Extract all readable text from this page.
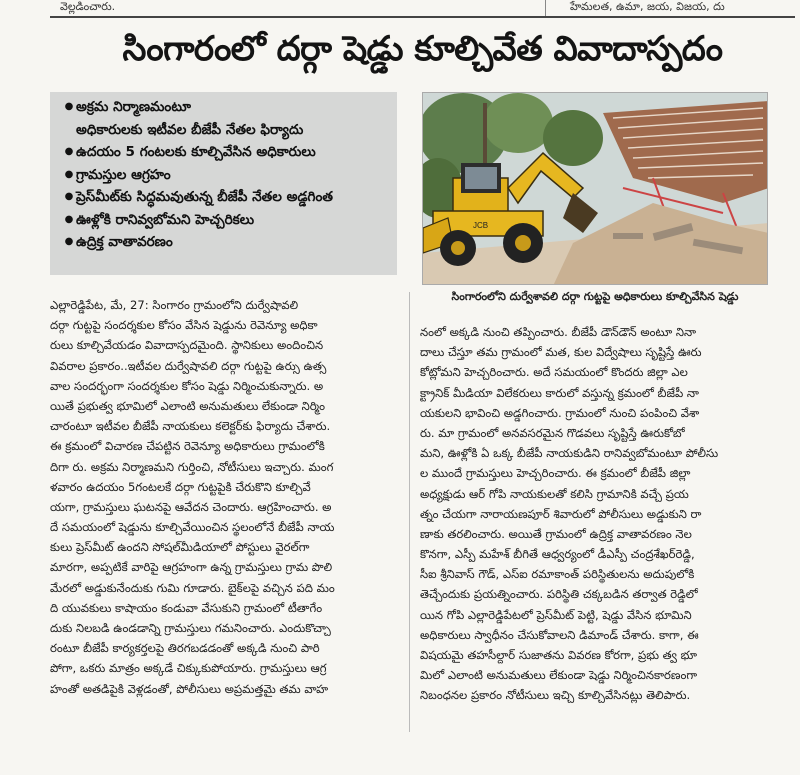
వెల్లడించారు.	హేమలత, ఉమా, జయ, విజయ, దు
సింగారంలో దర్గా షెడ్డు కూల్చివేత వివాదాస్పదం
● అక్రమ నిర్మాణమంటూ
అధికారులకు ఇటీవల బీజేపీ నేతల ఫిర్యాదు
● ఉదయం 5 గంటలకు కూల్చివేసిన అధికారులు
● గ్రామస్తుల ఆగ్రహం
● ప్రెస్‌మీట్‌కు సిద్ధమవుతున్న బీజేపీ నేతల అడ్డగింత
● ఊళ్లోకి రానివ్వబోమని హెచ్చరికలు
● ఉద్రిక్త వాతావరణం
JCB
సింగారంలోని దుర్వేశావలి దర్గా గుట్టపై అధికారులు కూల్చివేసిన షెడ్డు
ఎల్లారెడ్డిపేట, మే, 27: సింగారం గ్రామంలోని దుర్వేషావలి
దర్గా గుట్టపై సందర్శకుల కోసం వేసిన షెడ్డును రెవెన్యూ అధికా
రులు కూల్చివేయడం వివాదాస్పదమైంది. స్థానికులు అందించిన
వివరాల ప్రకారం..ఇటీవల దుర్వేషావలి దర్గా గుట్టపై ఉర్సు ఉత్స
వాల సందర్భంగా సందర్శకుల కోసం షెడ్డు నిర్మించుకున్నారు. అ
యితే ప్రభుత్వ భూమిలో ఎలాంటి అనుమతులు లేకుండా నిర్మిం
చారంటూ ఇటీవల బీజేపీ నాయకులు కలెక్టర్‌కు ఫిర్యాదు చేశారు.
ఈ క్రమంలో విచారణ చేపట్టిన రెవెన్యూ అధికారులు గ్రామంలోకి
దిగా రు. అక్రమ నిర్మాణమని గుర్తించి, నోటీసులు ఇచ్చారు. మంగ
ళవారం ఉదయం 5గంటలకే దర్గా గుట్టపైకి చేరుకొని కూల్చివే
యగా, గ్రామస్తులు ఘటనపై ఆవేదన చెందారు. ఆగ్రహించారు. అ
దే సమయంలో షెడ్డును కూల్చివేయించిన స్థలంలోనే బీజేపీ నాయ
కులు ప్రెస్‌మీట్ ఉందని సోషల్‌మీడియాలో పోస్టులు వైరల్‌గా
మారగా, అప్పటికే వారిపై ఆగ్రహంగా ఉన్న గ్రామస్తులు గ్రామ పొలి
మేరలో అడ్డుకునేందుకు గుమి గూడారు. బైక్‌లపై వచ్చిన పది మం
ది యువకులు కాషాయం కండువా వేసుకుని గ్రామంలో టీతాగేం
దుకు నిలబడి ఉండడాన్ని గ్రామస్తులు గమనించారు. ఎందుకొచ్చా
రంటూ బీజేపీ కార్యకర్తలపై తిరగబడడంతో అక్కడి నుంచి పారి
పోగా, ఒకరు మాత్రం అక్కడే చిక్కుకుపోయారు. గ్రామస్తులు ఆగ్ర
హంతో అతడిపైకి వెళ్లడంతో, పోలీసులు అప్రమత్తమై తమ వాహ
నంలో అక్కడి నుంచి తప్పించారు. బీజేపీ డౌన్‌డౌన్ అంటూ నినా
దాలు చేస్తూ తమ గ్రామంలో మత, కుల విద్వేషాలు సృష్టిస్తే ఊరు
కోట్లోమని హెచ్చరించారు. అదే సమయంలో కొందరు జిల్లా ఎల
క్ట్రానిక్ మీడియా విలేకరులు కారులో వస్తున్న క్రమంలో బీజేపీ నా
యకులని భావించి అడ్డగించారు. గ్రామంలో నుంచి పంపించి వేశా
రు. మా గ్రామంలో అనవసరమైన గొడవలు సృష్టిస్తే ఊరుకోబో
మని, ఊళ్లోకి ఏ ఒక్క బీజేపీ నాయకుడిని రానివ్వబోమంటూ పోలీసు
ల ముందే గ్రామస్తులు హెచ్చరించారు. ఈ క్రమంలో బీజేపీ జిల్లా
అధ్యక్షుడు ఆర్ గోపి నాయకులతో కలిసి గ్రామానికి వచ్చే ప్రయ
త్నం చేయగా నారాయణపూర్ శివారులో పోలీసులు అడ్డుకుని రా
ణాకు తరలించారు. అయితే గ్రామంలో ఉద్రిక్త వాతావరణం నెల
కొనగా, ఎస్పీ మహేశ్ బీగితే ఆధ్వర్యంలో డీఎస్పీ చంద్రశేఖర్‌రెడ్డి,
సీఐ శ్రీనివాస్ గౌడ్, ఎస్ఐ రమాకాంత్ పరిస్థితులను అదుపులోకి
తెచ్చేందుకు ప్రయత్నించారు. పరిస్థితి చక్కబడిన తర్వాత రెడ్డిలో
యిన గోపి ఎల్లారెడ్డిపేటలో ప్రెస్‌మీట్ పెట్టి, షెడ్డు వేసిన భూమిని
అధికారులు స్వాధీనం చేసుకోవాలని డిమాండ్ చేశారు. కాగా, ఈ
విషయమై తహసీల్దార్ సుజాతను వివరణ కోరగా, ప్రభు త్వ భూ
మిలో ఎలాంటి అనుమతులు లేకుండా షెడ్డు నిర్మించినకారణంగా
నిబంధనల ప్రకారం నోటీసులు ఇచ్చి కూల్చివేసినట్లు తెలిపారు.
